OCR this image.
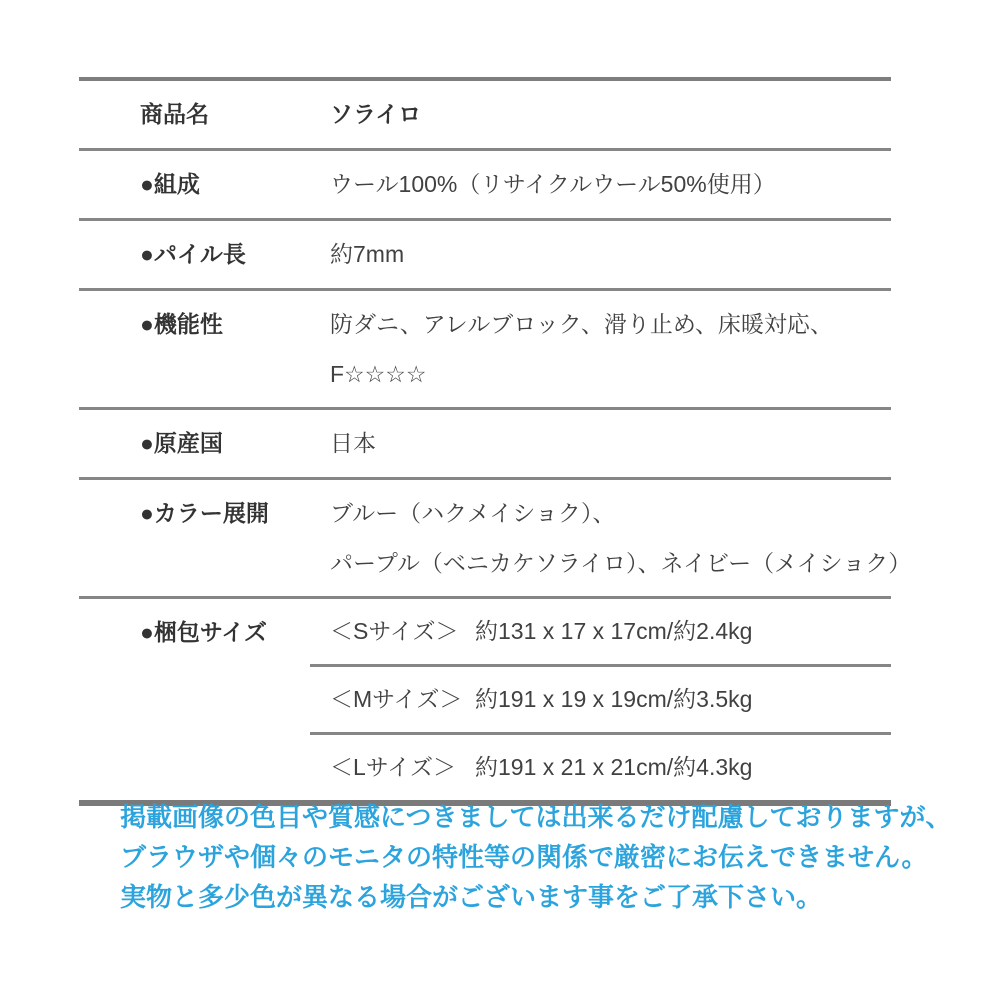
商品名	ソライロ
●組成	ウール100%（リサイクルウール50%使用）
●パイル長	約7mm
●機能性	防ダニ、アレルブロック、滑り止め、床暖対応、
F☆☆☆☆
●原産国	日本
●カラー展開	ブルー（ハクメイショク）、
パープル（ベニカケソライロ）、ネイビー（メイショク）
●梱包サイズ	＜Sサイズ＞ 約131 x 17 x 17cm/約2.4kg
＜Mサイズ＞ 約191 x 19 x 19cm/約3.5kg
＜Lサイズ＞ 約191 x 21 x 21cm/約4.3kg
掲載画像の色目や質感につきましては出来るだけ配慮しておりますが、
ブラウザや個々のモニタの特性等の関係で厳密にお伝えできません。
実物と多少色が異なる場合がございます事をご了承下さい。
